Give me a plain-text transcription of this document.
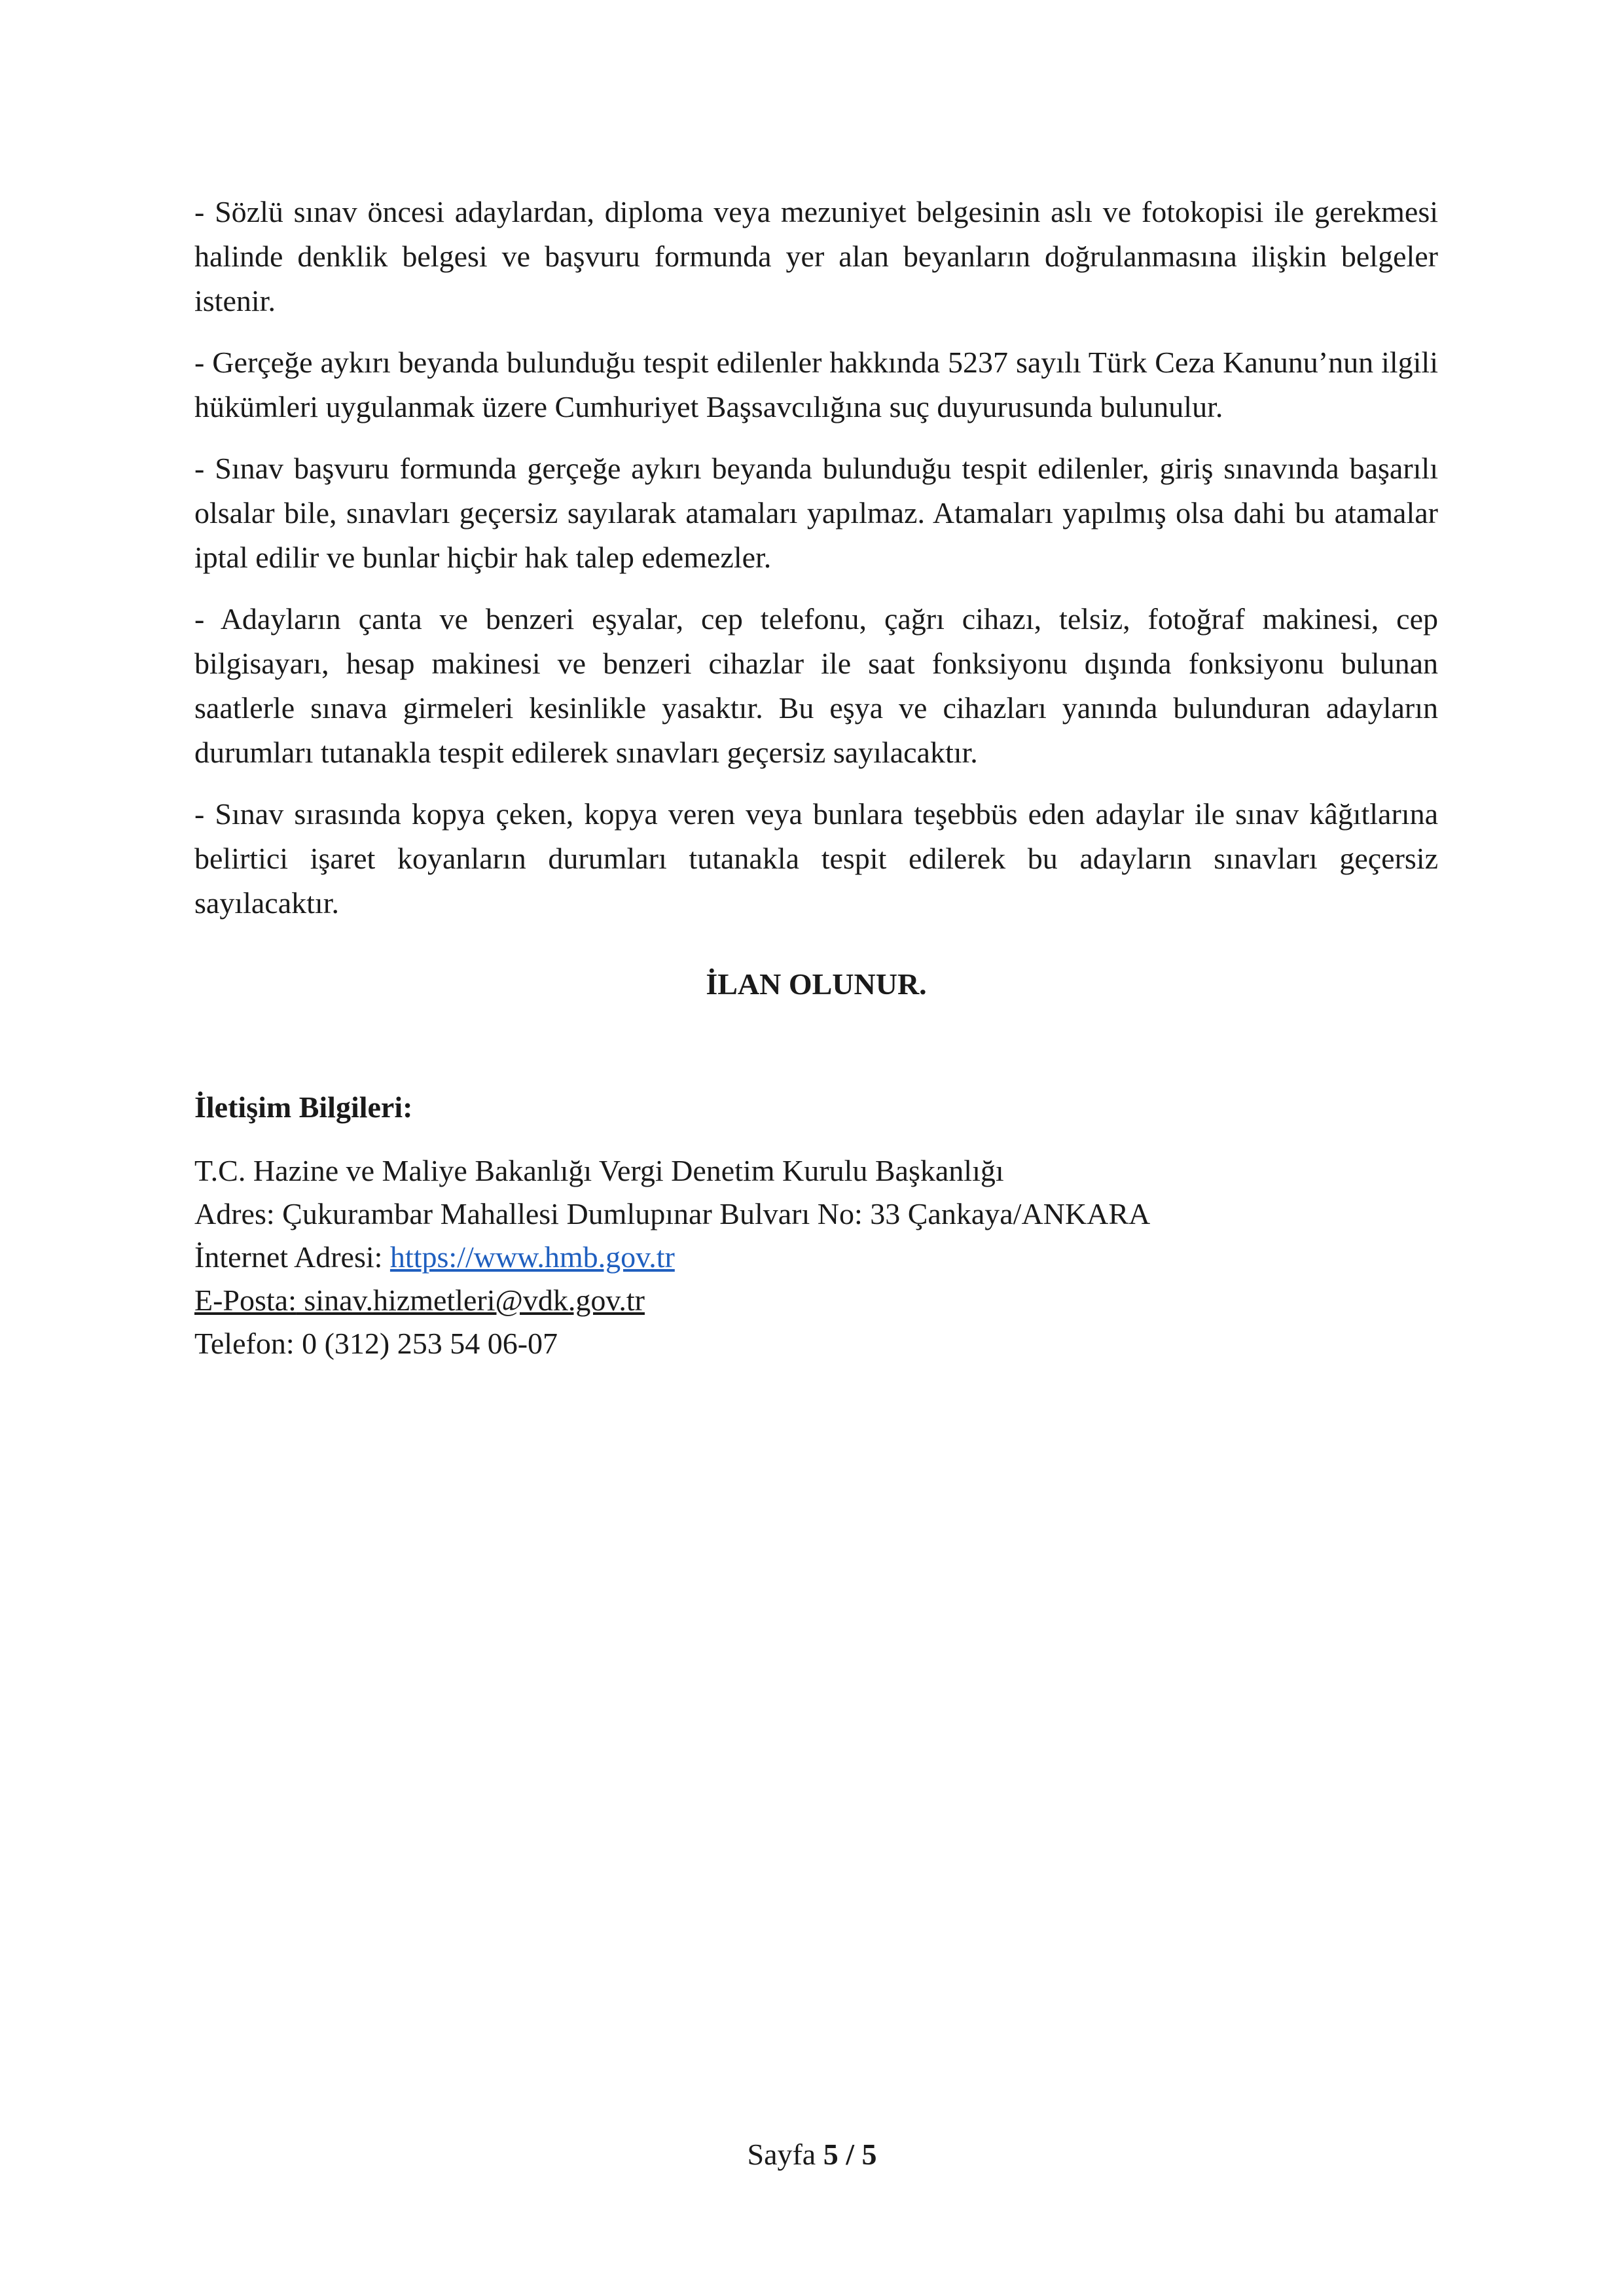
- Sözlü sınav öncesi adaylardan, diploma veya mezuniyet belgesinin aslı ve fotokopisi ile gerekmesi halinde denklik belgesi ve başvuru formunda yer alan beyanların doğrulanmasına ilişkin belgeler istenir.

- Gerçeğe aykırı beyanda bulunduğu tespit edilenler hakkında 5237 sayılı Türk Ceza Kanunu’nun ilgili hükümleri uygulanmak üzere Cumhuriyet Başsavcılığına suç duyurusunda bulunulur.

- Sınav başvuru formunda gerçeğe aykırı beyanda bulunduğu tespit edilenler, giriş sınavında başarılı olsalar bile, sınavları geçersiz sayılarak atamaları yapılmaz. Atamaları yapılmış olsa dahi bu atamalar iptal edilir ve bunlar hiçbir hak talep edemezler.

- Adayların çanta ve benzeri eşyalar, cep telefonu, çağrı cihazı, telsiz, fotoğraf makinesi, cep bilgisayarı, hesap makinesi ve benzeri cihazlar ile saat fonksiyonu dışında fonksiyonu bulunan saatlerle sınava girmeleri kesinlikle yasaktır. Bu eşya ve cihazları yanında bulunduran adayların durumları tutanakla tespit edilerek sınavları geçersiz sayılacaktır.

- Sınav sırasında kopya çeken, kopya veren veya bunlara teşebbüs eden adaylar ile sınav kâğıtlarına belirtici işaret koyanların durumları tutanakla tespit edilerek bu adayların sınavları geçersiz sayılacaktır.

İLAN OLUNUR.
İletişim Bilgileri:
T.C. Hazine ve Maliye Bakanlığı Vergi Denetim Kurulu Başkanlığı
Adres: Çukurambar Mahallesi Dumlupınar Bulvarı No: 33 Çankaya/ANKARA
İnternet Adresi: https://www.hmb.gov.tr
E-Posta: sinav.hizmetleri@vdk.gov.tr
Telefon: 0 (312) 253 54 06-07
Sayfa 5 / 5
